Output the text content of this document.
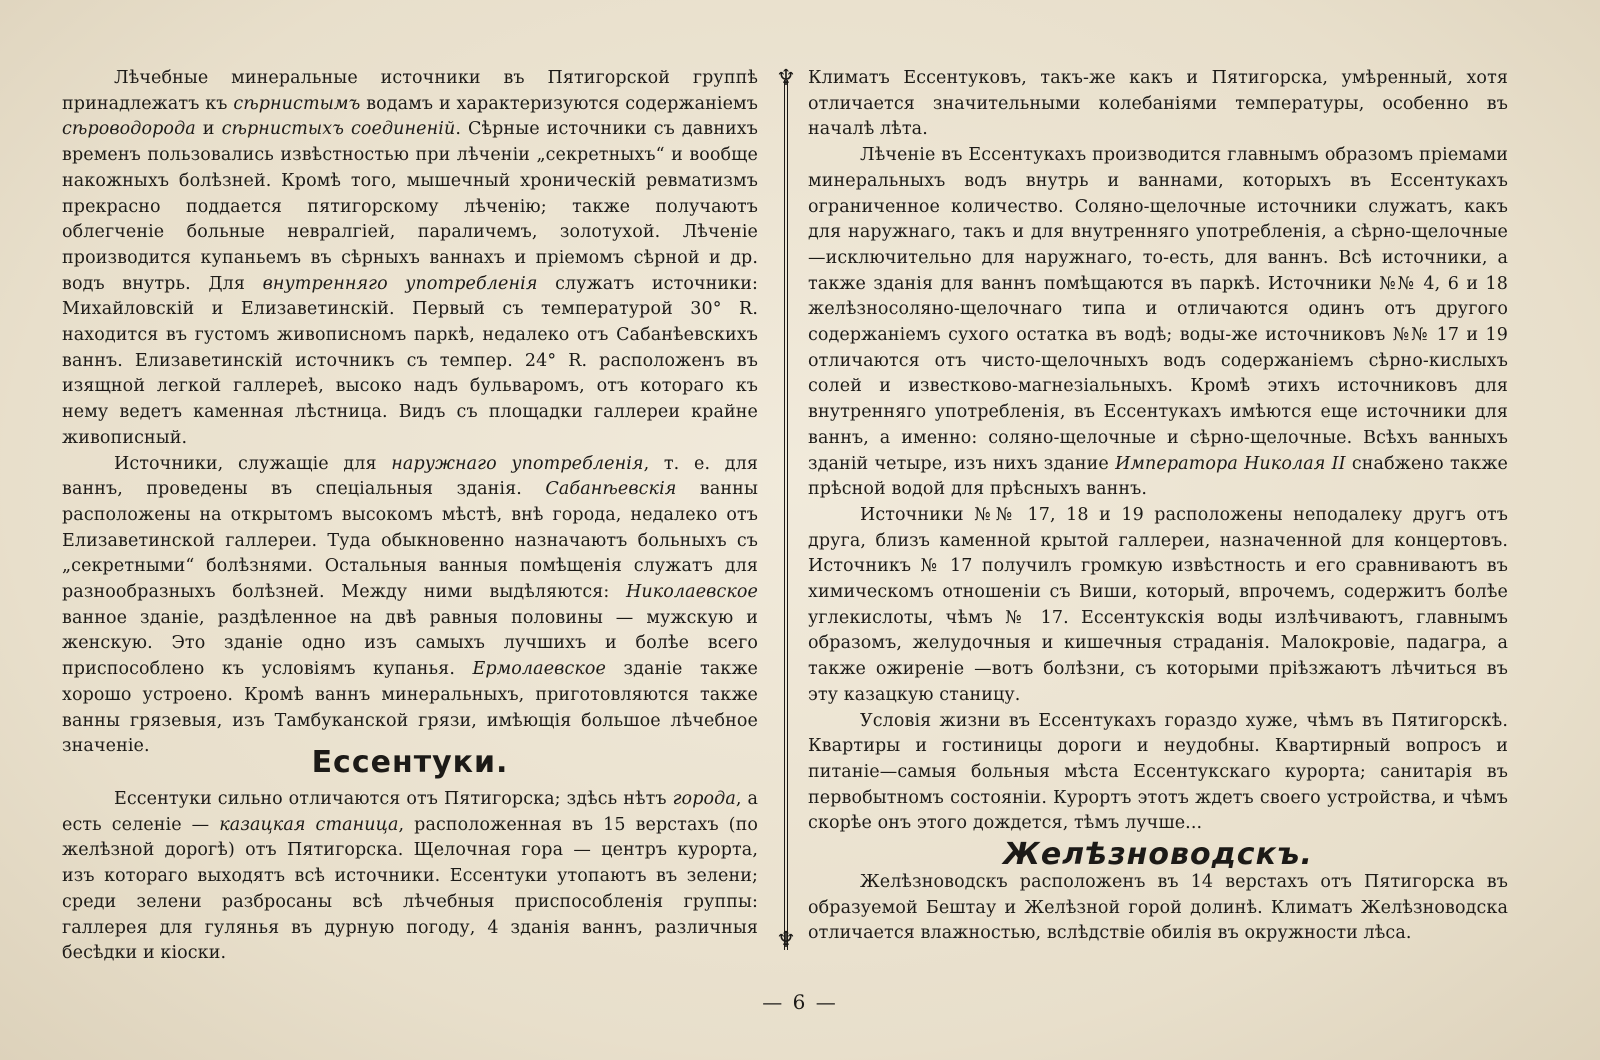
Лѣчебные минеральные источники въ Пятигорской группѣ принадлежатъ къ сѣрнистымъ водамъ и характеризуются содержаніемъ сѣроводорода и сѣрнистыхъ соединеній. Сѣрные источники съ давнихъ временъ пользовались извѣстностью при лѣченіи „секретныхъ“ и вообще накожныхъ болѣзней. Кромѣ того, мышечный хроническій ревматизмъ прекрасно поддается пятигорскому лѣченію; также получаютъ облегченіе больные невралгіей, параличемъ, золотухой. Лѣченіе производится купаньемъ въ сѣрныхъ ваннахъ и пріемомъ сѣрной и др. водъ внутрь. Для внутренняго употребленія служатъ источники: Михайловскій и Елизаветинскій. Первый съ температурой 30° R. находится въ густомъ живописномъ паркѣ, недалеко отъ Сабанѣевскихъ ваннъ. Елизаветинскій источникъ съ темпер. 24° R. расположенъ въ изящной легкой галлереѣ, высоко надъ бульваромъ, отъ котораго къ нему ведетъ каменная лѣстница. Видъ съ площадки галлереи крайне живописный.

Источники, служащіе для наружнаго употребленія, т. е. для ваннъ, проведены въ спеціальныя зданія. Сабанѣевскія ванны расположены на открытомъ высокомъ мѣстѣ, внѣ города, недалеко отъ Елизаветинской галлереи. Туда обыкновенно назначаютъ больныхъ съ „секретными“ болѣзнями. Остальныя ванныя помѣщенія служатъ для разнообразныхъ болѣзней. Между ними выдѣляются: Николаевское ванное зданіе, раздѣленное на двѣ равныя половины — мужскую и женскую. Это зданіе одно изъ самыхъ лучшихъ и болѣе всего приспособлено къ условіямъ купанья. Ермолаевское зданіе также хорошо устроено. Кромѣ ваннъ минеральныхъ, приготовляются также ванны грязевыя, изъ Тамбуканской грязи, имѣющія большое лѣчебное значеніе.	Ессентуки.

Ессентуки сильно отличаются отъ Пятигорска; здѣсь нѣтъ города, а есть селеніе — казацкая станица, расположенная въ 15 верстахъ (по желѣзной дорогѣ) отъ Пятигорска. Щелочная гора — центръ курорта, изъ котораго выходятъ всѣ источники. Ессентуки утопаютъ въ зелени; среди зелени разбросаны всѣ лѣчебныя приспособленія группы: галлерея для гулянья въ дурную погоду, 4 зданія ваннъ, различныя бесѣдки и кіоски.

♆
♆

Климатъ Ессентуковъ, такъ-же какъ и Пятигорска, умѣренный, хотя отличается значительными колебаніями температуры, особенно въ началѣ лѣта.

Лѣченіе въ Ессентукахъ производится главнымъ образомъ пріемами минеральныхъ водъ внутрь и ваннами, которыхъ въ Ессентукахъ ограниченное количество. Соляно-щелочные источники служатъ, какъ для наружнаго, такъ и для внутренняго употребленія, а сѣрно-щелочные—исключительно для наружнаго, то-есть, для ваннъ. Всѣ источники, а также зданія для ваннъ помѣщаются въ паркѣ. Источники №№ 4, 6 и 18 желѣзносоляно-щелочнаго типа и отличаются одинъ отъ другого содержаніемъ сухого остатка въ водѣ; воды-же источниковъ №№ 17 и 19 отличаются отъ чисто-щелочныхъ водъ содержаніемъ сѣрно-кислыхъ солей и известково-магнезіальныхъ. Кромѣ этихъ источниковъ для внутренняго употребленія, въ Ессентукахъ имѣются еще источники для ваннъ, а именно: соляно-щелочные и сѣрно-щелочные. Всѣхъ ванныхъ зданій четыре, изъ нихъ здание Императора Николая II снабжено также прѣсной водой для прѣсныхъ ваннъ.

Источники №№ 17, 18 и 19 расположены неподалеку другъ отъ друга, близъ каменной крытой галлереи, назначенной для концертовъ. Источникъ № 17 получилъ громкую извѣстность и его сравниваютъ въ химическомъ отношеніи съ Виши, который, впрочемъ, содержитъ болѣе углекислоты, чѣмъ № 17. Ессентукскія воды излѣчиваютъ, главнымъ образомъ, желудочныя и кишечныя страданія. Малокровіе, падагра, а также ожиреніе —вотъ болѣзни, съ которыми пріѣзжаютъ лѣчиться въ эту казацкую станицу.

Условія жизни въ Ессентукахъ гораздо хуже, чѣмъ въ Пятигорскѣ. Квартиры и гостиницы дороги и неудобны. Квартирный вопросъ и питаніе—самыя больныя мѣста Ессентукскаго курорта; санитарія въ первобытномъ состояніи. Курортъ этотъ ждетъ своего устройства, и чѣмъ скорѣе онъ этого дождется, тѣмъ лучше...

Желѣзноводскъ.

Желѣзноводскъ расположенъ въ 14 верстахъ отъ Пятигорска въ образуемой Бештау и Желѣзной горой долинѣ. Климатъ Желѣзноводска отличается влажностью, вслѣдствіе обилія въ окружности лѣса.

— 6 —
